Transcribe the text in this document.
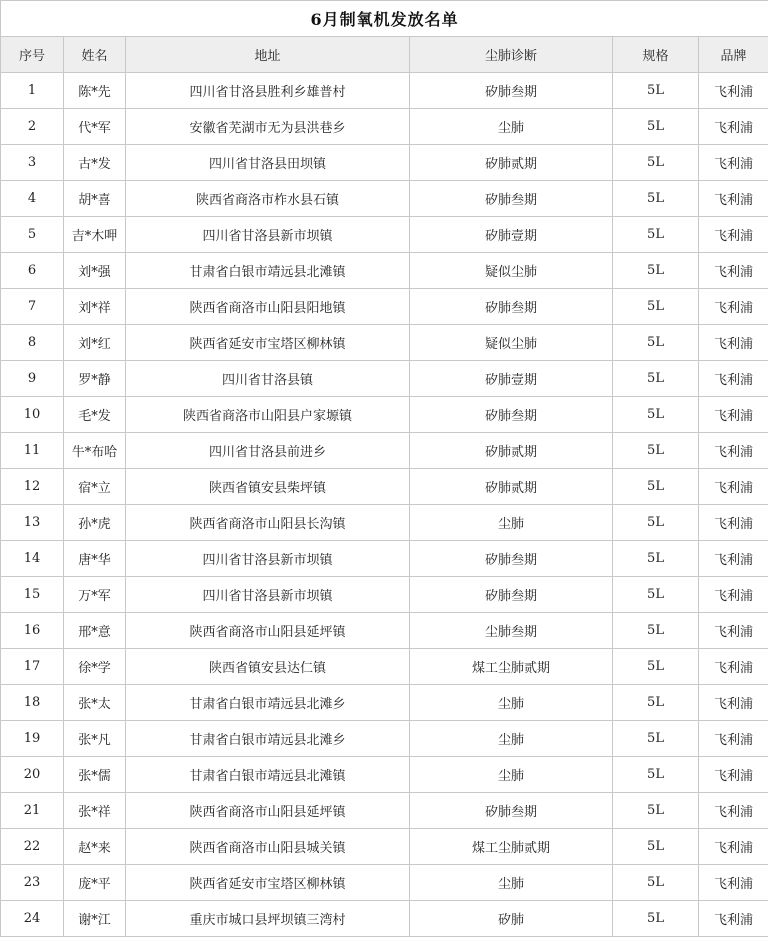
6月制氧机发放名单					
序号	姓名	地址	尘肺诊断	规格	品牌
1	陈*先	四川省甘洛县胜利乡雄普村	矽肺叁期	5L	飞利浦
2	代*军	安徽省芜湖市无为县洪巷乡	尘肺	5L	飞利浦
3	古*发	四川省甘洛县田坝镇	矽肺贰期	5L	飞利浦
4	胡*喜	陕西省商洛市柞水县石镇	矽肺叁期	5L	飞利浦
5	吉*木呷	四川省甘洛县新市坝镇	矽肺壹期	5L	飞利浦
6	刘*强	甘肃省白银市靖远县北滩镇	疑似尘肺	5L	飞利浦
7	刘*祥	陕西省商洛市山阳县阳地镇	矽肺叁期	5L	飞利浦
8	刘*红	陕西省延安市宝塔区柳林镇	疑似尘肺	5L	飞利浦
9	罗*静	四川省甘洛县镇	矽肺壹期	5L	飞利浦
10	毛*发	陕西省商洛市山阳县户家塬镇	矽肺叁期	5L	飞利浦
11	牛*布哈	四川省甘洛县前进乡	矽肺贰期	5L	飞利浦
12	宿*立	陕西省镇安县柴坪镇	矽肺贰期	5L	飞利浦
13	孙*虎	陕西省商洛市山阳县长沟镇	尘肺	5L	飞利浦
14	唐*华	四川省甘洛县新市坝镇	矽肺叁期	5L	飞利浦
15	万*军	四川省甘洛县新市坝镇	矽肺叁期	5L	飞利浦
16	邢*意	陕西省商洛市山阳县延坪镇	尘肺叁期	5L	飞利浦
17	徐*学	陕西省镇安县达仁镇	煤工尘肺贰期	5L	飞利浦
18	张*太	甘肃省白银市靖远县北滩乡	尘肺	5L	飞利浦
19	张*凡	甘肃省白银市靖远县北滩乡	尘肺	5L	飞利浦
20	张*儒	甘肃省白银市靖远县北滩镇	尘肺	5L	飞利浦
21	张*祥	陕西省商洛市山阳县延坪镇	矽肺叁期	5L	飞利浦
22	赵*来	陕西省商洛市山阳县城关镇	煤工尘肺贰期	5L	飞利浦
23	庞*平	陕西省延安市宝塔区柳林镇	尘肺	5L	飞利浦
24	谢*江	重庆市城口县坪坝镇三湾村	矽肺	5L	飞利浦
